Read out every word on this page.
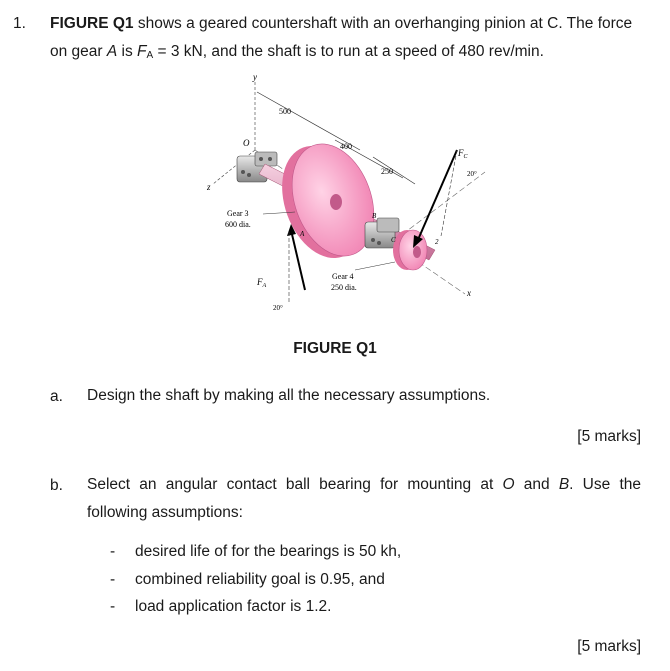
1. FIGURE Q1 shows a geared countershaft with an overhanging pinion at C. The force
on gear A is $F_A = 3$ kN, and the shaft is to run at a speed of 480 rev/min.
y
z
x
O
500
400
250
$F_A$
20°
$F_C$
20°
Gear 3
600 dia.
Gear 4
250 dia.
A
B
C	2
FIGURE Q1
a. Design the shaft by making all the necessary assumptions.
[5 marks]
b. Select an angular contact ball bearing for mounting at O and B. Use the following assumptions:
- desired life of for the bearings is 50 kh,
- combined reliability goal is 0.95, and
- load application factor is 1.2.
[5 marks]
